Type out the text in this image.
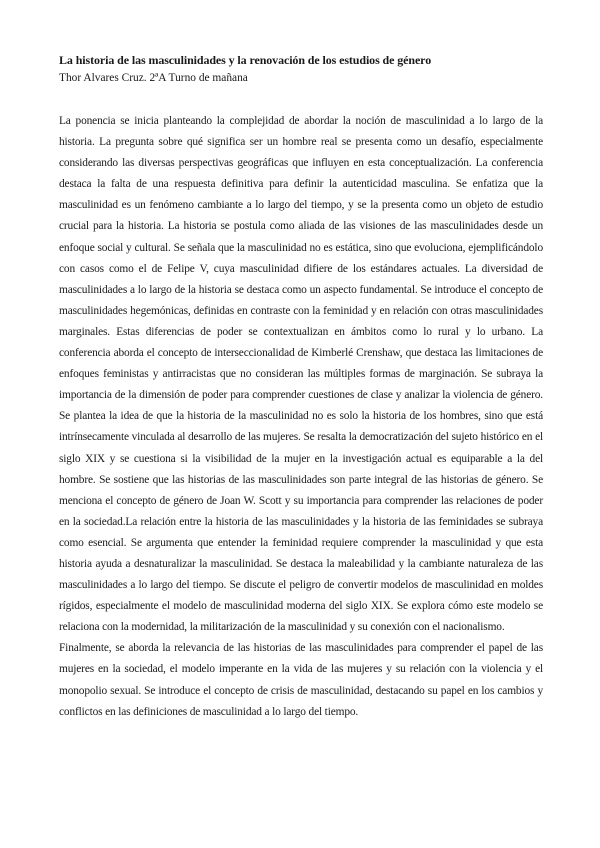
La historia de las masculinidades y la renovación de los estudios de género

Thor Alvares Cruz. 2ªA Turno de mañana

La ponencia se inicia planteando la complejidad de abordar la noción de masculinidad a lo largo de la historia. La pregunta sobre qué significa ser un hombre real se presenta como un desafío, especialmente considerando las diversas perspectivas geográficas que influyen en esta conceptualización. La conferencia destaca la falta de una respuesta definitiva para definir la autenticidad masculina. Se enfatiza que la masculinidad es un fenómeno cambiante a lo largo del tiempo, y se la presenta como un objeto de estudio crucial para la historia. La historia se postula como aliada de las visiones de las masculinidades desde un enfoque social y cultural. Se señala que la masculinidad no es estática, sino que evoluciona, ejemplificándolo con casos como el de Felipe V, cuya masculinidad difiere de los estándares actuales. La diversidad de masculinidades a lo largo de la historia se destaca como un aspecto fundamental. Se introduce el concepto de masculinidades hegemónicas, definidas en contraste con la feminidad y en relación con otras masculinidades marginales. Estas diferencias de poder se contextualizan en ámbitos como lo rural y lo urbano. La conferencia aborda el concepto de interseccionalidad de Kimberlé Crenshaw, que destaca las limitaciones de enfoques feministas y antirracistas que no consideran las múltiples formas de marginación. Se subraya la importancia de la dimensión de poder para comprender cuestiones de clase y analizar la violencia de género. Se plantea la idea de que la historia de la masculinidad no es solo la historia de los hombres, sino que está intrínsecamente vinculada al desarrollo de las mujeres. Se resalta la democratización del sujeto histórico en el siglo XIX y se cuestiona si la visibilidad de la mujer en la investigación actual es equiparable a la del hombre. Se sostiene que las historias de las masculinidades son parte integral de las historias de género. Se menciona el concepto de género de Joan W. Scott y su importancia para comprender las relaciones de poder en la sociedad.La relación entre la historia de las masculinidades y la historia de las feminidades se subraya como esencial. Se argumenta que entender la feminidad requiere comprender la masculinidad y que esta historia ayuda a desnaturalizar la masculinidad. Se destaca la maleabilidad y la cambiante naturaleza de las masculinidades a lo largo del tiempo. Se discute el peligro de convertir modelos de masculinidad en moldes rígidos, especialmente el modelo de masculinidad moderna del siglo XIX. Se explora cómo este modelo se relaciona con la modernidad, la militarización de la masculinidad y su conexión con el nacionalismo.

Finalmente, se aborda la relevancia de las historias de las masculinidades para comprender el papel de las mujeres en la sociedad, el modelo imperante en la vida de las mujeres y su relación con la violencia y el monopolio sexual. Se introduce el concepto de crisis de masculinidad, destacando su papel en los cambios y conflictos en las definiciones de masculinidad a lo largo del tiempo.
